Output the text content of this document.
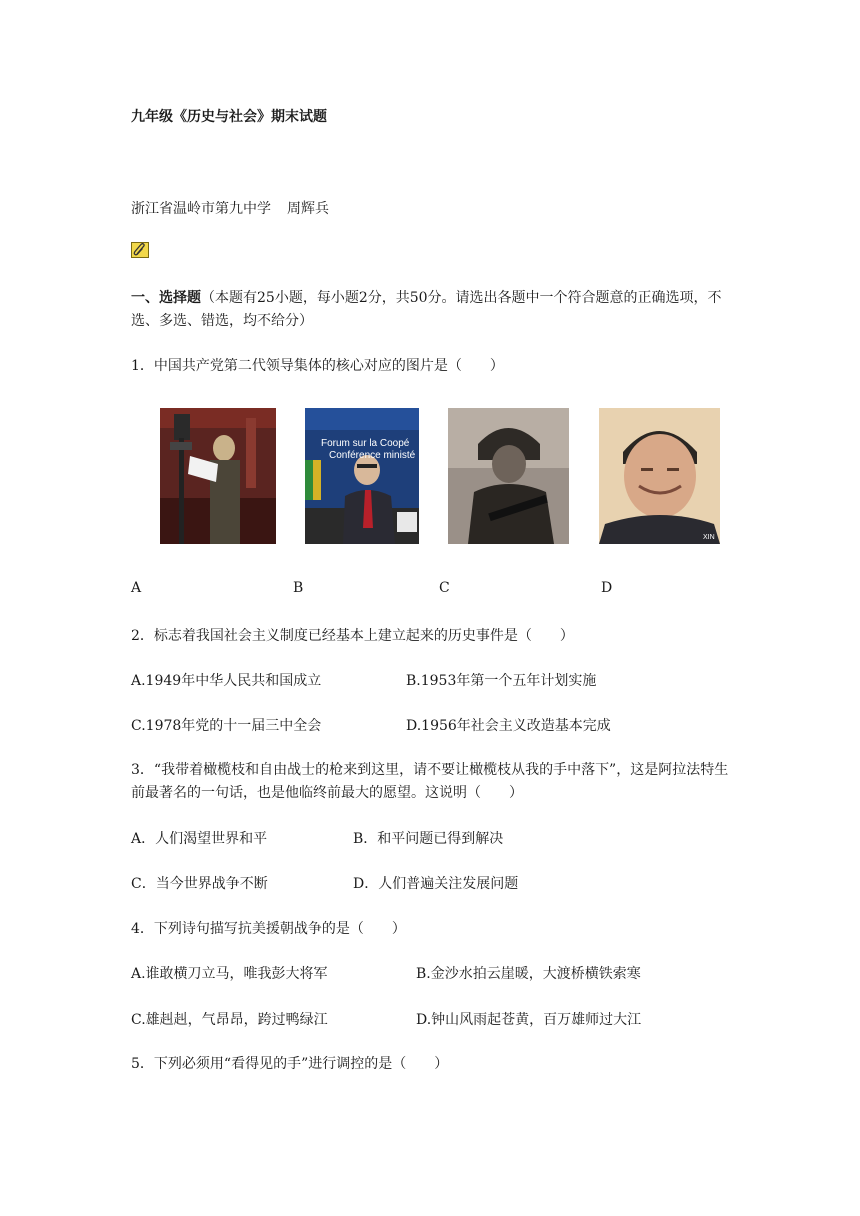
九年级《历史与社会》期末试题
浙江省温岭市第九中学 周辉兵
一、选择题（本题有25小题，每小题2分，共50分。请选出各题中一个符合题意的正确选项，不选、多选、错选，均不给分）
1．中国共产党第二代领导集体的核心对应的图片是（　　）
Forum sur la Coopé
Conférence ministé
XIN
A	B	C	D
2．标志着我国社会主义制度已经基本上建立起来的历史事件是（　　）
A.1949年中华人民共和国成立	B.1953年第一个五年计划实施
C.1978年党的十一届三中全会	D.1956年社会主义改造基本完成
3．“我带着橄榄枝和自由战士的枪来到这里，请不要让橄榄枝从我的手中落下”，这是阿拉法特生前最著名的一句话，也是他临终前最大的愿望。这说明（　　）
A．人们渴望世界和平	B．和平问题已得到解决
C．当今世界战争不断	D．人们普遍关注发展问题
4．下列诗句描写抗美援朝战争的是（　　）
A.谁敢横刀立马，唯我彭大将军	B.金沙水拍云崖暖，大渡桥横铁索寒
C.雄赳赳，气昂昂，跨过鸭绿江	D.钟山风雨起苍黄，百万雄师过大江
5．下列必须用“看得见的手”进行调控的是（　　）
